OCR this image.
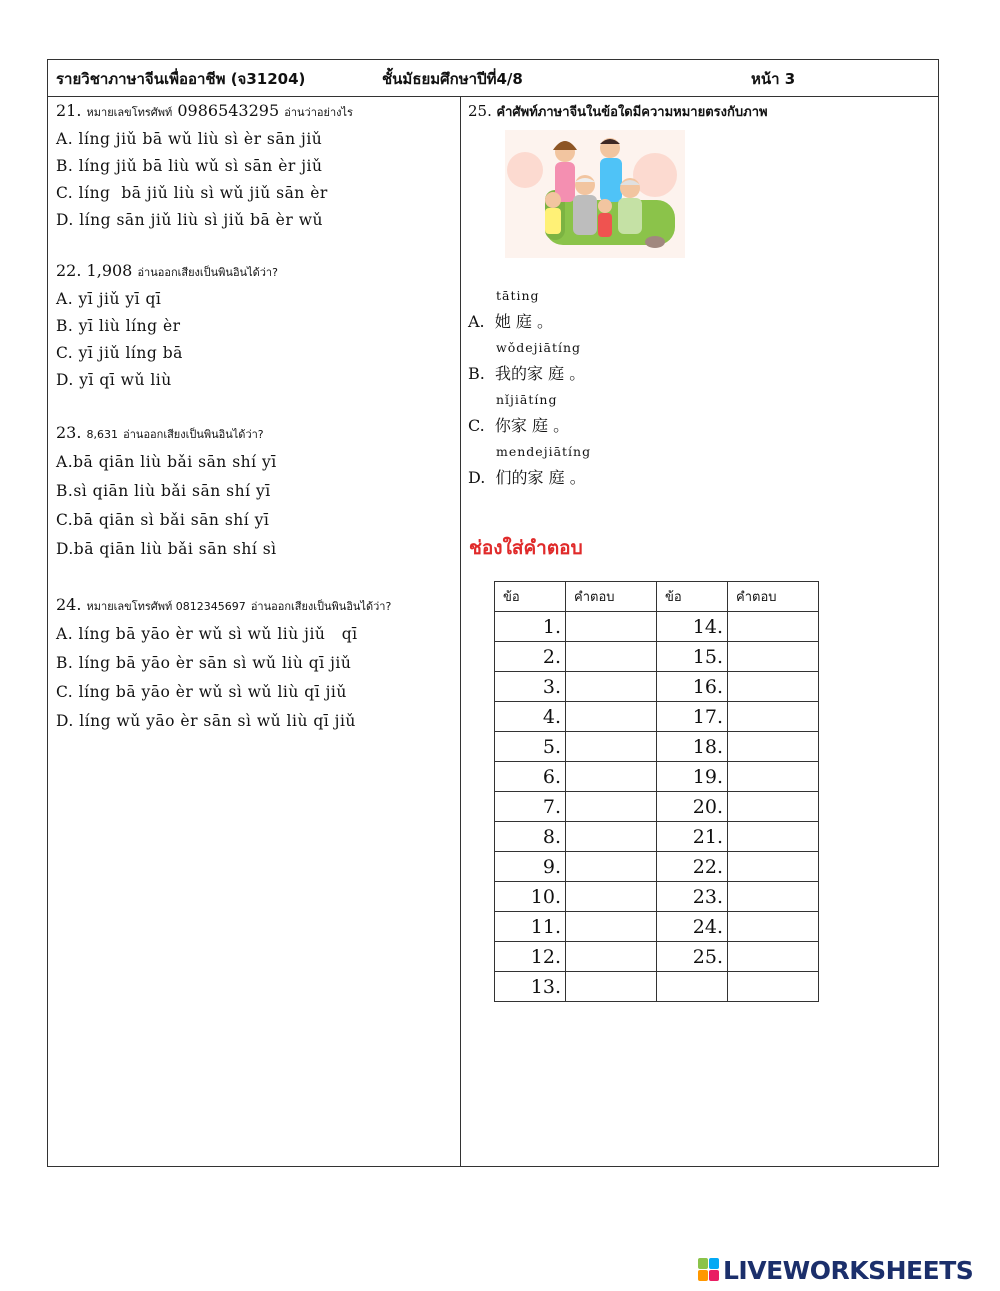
รายวิชาภาษาจีนเพื่ออาชีพ (จ31204)	ชั้นมัธยมศึกษาปีที่4/8	หน้า 3
21. หมายเลขโทรศัพท์ 0986543295 อ่านว่าอย่างไร
A. líng jiǔ bā wǔ liù sì èr sān jiǔ
B. líng jiǔ bā liù wǔ sì sān èr jiǔ
C. líng  bā jiǔ liù sì wǔ jiǔ sān èr
D. líng sān jiǔ liù sì jiǔ bā èr wǔ
22. 1,908 อ่านออกเสียงเป็นพินอินได้ว่า?
A. yī jiǔ yī qī
B. yī liù líng èr
C. yī jiǔ líng bā
D. yī qī wǔ liù
23. 8,631 อ่านออกเสียงเป็นพินอินได้ว่า?
A.bā qiān liù bǎi sān shí yī
B.sì qiān liù bǎi sān shí yī
C.bā qiān sì bǎi sān shí yī
D.bā qiān liù bǎi sān shí sì
24. หมายเลขโทรศัพท์ 0812345697 อ่านออกเสียงเป็นพินอินได้ว่า?
A. líng bā yāo èr wǔ sì wǔ liù jiǔ   qī
B. líng bā yāo èr sān sì wǔ liù qī jiǔ
C. líng bā yāo èr wǔ sì wǔ liù qī jiǔ
D. líng wǔ yāo èr sān sì wǔ liù qī jiǔ
25. คำศัพท์ภาษาจีนในข้อใดมีความหมายตรงกับภาพ
tāting
A.  她 庭 。
wǒdejiātíng
B.  我的家 庭 。
nǐjiātíng
C.  你家 庭 。
mendejiātíng
D.  们的家 庭 。
ช่องใส่คำตอบ
ข้อ	คำตอบ	ข้อ	คำตอบ
1.		14.	
2.		15.	
3.		16.	
4.		17.	
5.		18.	
6.		19.	
7.		20.	
8.		21.	
9.		22.	
10.		23.	
11.		24.	
12.		25.	
13.			
LIVEWORKSHEETS
